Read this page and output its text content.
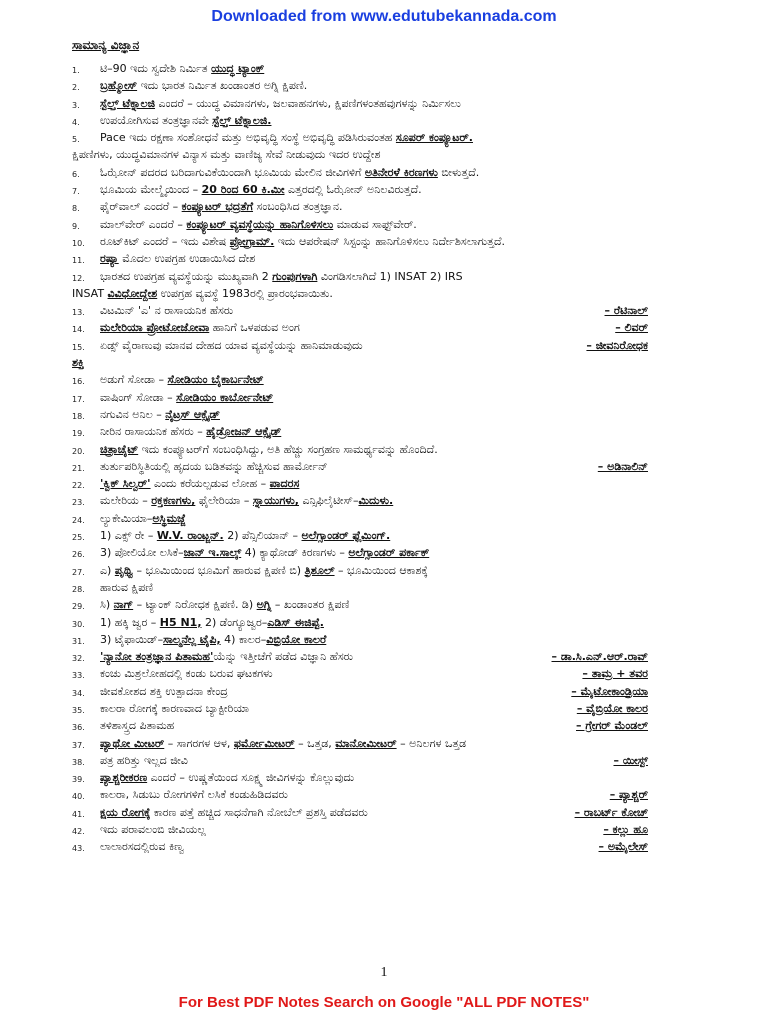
Downloaded from www.edutubekannada.com
ಸಾಮಾನ್ಯ ವಿಜ್ಞಾನ
1.	ಟಿ–90 ಇದು ಸ್ವದೇಶಿ ನಿರ್ಮಿತ ಯುದ್ಧ ಟ್ಯಾಂಕ್
2.	ಬ್ರಹ್ಮೋಸ್ ಇದು ಭಾರತ ನಿರ್ಮಿತ ಖಂಡಾಂತರ ಅಗ್ನಿ ಕ್ಷಿಪಣಿ.
3.	ಸ್ಟೆಲ್ತ್ ಟೆಕ್ನಾಲಜಿ ಎಂದರೆ – ಯುದ್ಧ ವಿಮಾನಗಳು, ಜಲವಾಹನಗಳು, ಕ್ಷಿಪಣಿಗಳಂತಹವುಗಳನ್ನು ನಿರ್ಮಿಸಲು
4.	ಉಪಯೋಗಿಸುವ ತಂತ್ರಜ್ಞಾನವೇ ಸ್ಟೆಲ್ತ್ ಟೆಕ್ನಾಲಜಿ.
5.	Pace ಇದು ರಕ್ಷಣಾ ಸಂಶೋಧನೆ ಮತ್ತು ಅಭಿವೃದ್ಧಿ ಸಂಸ್ಥೆ ಅಭಿವೃದ್ಧಿ ಪಡಿಸಿರುವಂತಹ ಸೂಪರ್ ಕಂಪ್ಯೂಟರ್.
ಕ್ಷಿಪಣಿಗಳು, ಯುದ್ಧವಿಮಾನಗಳ ವಿನ್ಯಾಸ ಮತ್ತು ವಾಣಿಜ್ಯ ಸೇವೆ ನೀಡುವುದು ಇದರ ಉದ್ದೇಶ
6.	ಓಝೋನ್ ಪದರದ ಬರಿದಾಗುವಿಕೆಯಿಂದಾಗಿ ಭೂಮಿಯ ಮೇಲಿನ ಜೀವಿಗಳಿಗೆ ಅತಿನೇರಳೆ ಕಿರಣಗಳು ಬೀಳುತ್ತದೆ.
7.	ಭೂಮಿಯ ಮೇಲ್ಮೈಯಿಂದ – 20 ರಿಂದ 60 ಕಿ.ಮೀ ಎತ್ತರದಲ್ಲಿ ಓಝೋನ್ ಅನಿಲವಿರುತ್ತದೆ.
8.	ಫೈರ್‌ವಾಲ್ ಎಂದರೆ – ಕಂಪ್ಯೂಟರ್ ಭದ್ರತೆಗೆ ಸಂಬಂಧಿಸಿದ ತಂತ್ರಜ್ಞಾನ.
9.	ಮಾಲ್‌ವೇರ್ ಎಂದರೆ – ಕಂಪ್ಯೂಟರ್ ವ್ಯವಸ್ಥೆಯನ್ನು ಹಾನಿಗೊಳಿಸಲು ಮಾಡುವ ಸಾಫ್ಟ್‌ವೇರ್.
10.	ರೂಟ್‌ಕಿಟ್ ಎಂದರೆ – ಇದು ವಿಶೇಷ ಪ್ರೋಗ್ರಾಮ್. ಇದು ಆಪರೇಷನ್ ಸಿಸ್ಟಂನ್ನು ಹಾನಿಗೊಳಿಸಲು ನಿರ್ದೇಶಿಸಲಾಗುತ್ತದೆ.
11.	ರಷ್ಯಾ ಮೊದಲ ಉಪಗ್ರಹ ಉಡಾಯಿಸಿದ ದೇಶ
12.	ಭಾರತದ ಉಪಗ್ರಹ ವ್ಯವಸ್ಥೆಯನ್ನು ಮುಖ್ಯವಾಗಿ 2 ಗುಂಪುಗಳಾಗಿ ವಿಂಗಡಿಸಲಾಗಿದೆ 1) INSAT 2) IRS
INSAT ವಿವಿಧೋದ್ದೇಶ ಉಪಗ್ರಹ ವ್ಯವಸ್ಥೆ 1983ರಲ್ಲಿ ಪ್ರಾರಂಭವಾಯಿತು.
13.	ವಿಟಮಿನ್ 'ಎ' ನ ರಾಸಾಯನಿಕ ಹೆಸರು	– ರೆಟಿನಾಲ್
14.	ಮಲೇರಿಯಾ ಪ್ರೋಟೋಜೋವಾ ಹಾನಿಗೆ ಒಳಪಡುವ ಅಂಗ	– ಲಿವರ್
15.	ಏಡ್ಸ್ ವೈರಾಣುವು ಮಾನವ ದೇಹದ ಯಾವ ವ್ಯವಸ್ಥೆಯನ್ನು ಹಾನಿಮಾಡುವುದು	– ಜೀವನಿರೋಧಕ
ಶಕ್ತಿ
16.	ಅಡುಗೆ ಸೋಡಾ – ಸೋಡಿಯಂ ಬೈಕಾರ್ಬನೇಟ್
17.	ವಾಷಿಂಗ್ ಸೋಡಾ – ಸೋಡಿಯಂ ಕಾರ್ಬೋನೇಟ್
18.	ನಗುವಿನ ಅನಿಲ – ನೈಟ್ರಸ್ ಆಕ್ಸೈಡ್
19.	ನೀರಿನ ರಾಸಾಯನಿಕ ಹೆಸರು – ಹೈಡ್ರೋಜನ್ ಆಕ್ಸೈಡ್
20.	ಚಿತ್ರಾಚೈಟ್ ಇದು ಕಂಪ್ಯೂಟರ್‌ಗೆ ಸಂಬಂಧಿಸಿದ್ದು, ಅತಿ ಹೆಚ್ಚು ಸಂಗ್ರಹಣ ಸಾಮರ್ಥ್ಯವನ್ನು ಹೊಂದಿದೆ.
21.	ತುರ್ತುಪರಿಸ್ಥಿತಿಯಲ್ಲಿ ಹೃದಯ ಬಡಿತವನ್ನು ಹೆಚ್ಚಿಸುವ ಹಾರ್ಮೋನ್	– ಅಡಿನಾಲಿನ್
22.	'ಕ್ವಿಕ್ ಸಿಲ್ವರ್' ಎಂದು ಕರೆಯಲ್ಪಡುವ ಲೋಹ – ಪಾದರಸ
23.	ಮಲೇರಿಯ – ರಕ್ತಕಣಗಳು, ಫೈಲೇರಿಯಾ – ಸ್ನಾಯುಗಳು, ಎನ್ಸಿಫಿಲೈಟೀಸ್–ಮಿದುಳು.
24.	ಲ್ಯುಕೇಮಿಯಾ–ಅಸ್ಥಿಮಜ್ಜೆ
25.	1) ಎಕ್ಸ್ ರೇ – W.V. ರಾಂಟ್ಜನ್. 2) ಪೆನ್ಸಿಲಿಯಾನ್ – ಅಲೆಗ್ಸಾಂಡರ್ ಫ್ಲೆಮಿಂಗ್.
26.	3) ಪೋಲಿಯೋ ಲಸಿಕೆ–ಜಾನ್ ಇ.ಸಾಲ್ಕ್ 4) ಕ್ಯಾಥೋಡ್ ಕಿರಣಗಳು – ಅಲೆಗ್ಸಾಂಡರ್ ಪರ್ಕಾಕ್
27.	ಎ) ಪೃಥ್ವಿ – ಭೂಮಿಯಿಂದ ಭೂಮಿಗೆ ಹಾರುವ ಕ್ಷಿಪಣಿ ಬಿ) ತ್ರಿಶೂಲ್ – ಭೂಮಿಯಿಂದ ಆಕಾಶಕ್ಕೆ
28.	ಹಾರುವ ಕ್ಷಿಪಣಿ
29.	ಸಿ) ನಾಗ್ – ಟ್ಯಾಂಕ್ ನಿರೋಧಕ ಕ್ಷಿಪಣಿ. ಡಿ) ಅಗ್ನಿ – ಖಂಡಾಂತರ ಕ್ಷಿಪಣಿ
30.	1) ಹಕ್ಕಿ ಜ್ವರ – H5 N1, 2) ಡೆಂಗ್ಯೂಜ್ವರ–ಎಡಿಸ್ ಈಜಿಪ್ಟೆ.
31.	3) ಟೈಫಾಯಿಡ್–ಸಾಲ್ಮನೆಲ್ಲ ಟೈಪಿ, 4) ಕಾಲರ–ವಿಬ್ರಿಯೋ ಕಾಲರೆ
32.	'ನ್ಯಾನೋ ತಂತ್ರಜ್ಞಾನ ಪಿತಾಮಹ'ಯೆನ್ನು ಇತ್ತೀಚೆಗೆ ಪಡೆದ ವಿಜ್ಞಾನಿ ಹೆಸರು	– ಡಾ.ಸಿ.ಎನ್.ಆರ್.ರಾವ್
33.	ಕಂಚು ಮಿಶ್ರಲೋಹದಲ್ಲಿ ಕಂಡು ಬರುವ ಘಟಕಗಳು	– ತಾಮ್ರ + ತವರ
34.	ಜೀವಕೋಶದ ಶಕ್ತಿ ಉತ್ಪಾದನಾ ಕೇಂದ್ರ	– ಮೈಟೋಕಾಂಡ್ರಿಯಾ
35.	ಕಾಲರಾ ರೋಗಕ್ಕೆ ಕಾರಣವಾದ ಬ್ಯಾಕ್ಟೀರಿಯಾ	– ವೈಬ್ರಿಯೋ ಕಾಲರ
36.	ತಳಿಶಾಸ್ತ್ರದ ಪಿತಾಮಹ	– ಗ್ರೇಗರ್ ಮೆಂಡಲ್
37.	ಪ್ಯಾಥೋ ಮೀಟರ್ – ಸಾಗರಗಳ ಆಳ, ಫರ್ಮೋಮೀಟರ್ – ಒತ್ತಡ, ಮಾನೋಮೀಟರ್ – ಅನಿಲಗಳ ಒತ್ತಡ
38.	ಪತ್ರ ಹರಿತ್ತು ಇಲ್ಲದ ಜೀವಿ	– ಯೀಸ್ಟ್
39.	ಪ್ಯಾಶ್ಚರೀಕರಣ ಎಂದರೆ – ಉಷ್ಣತೆಯಿಂದ ಸೂಕ್ಷ್ಮ ಜೀವಿಗಳನ್ನು ಕೊಲ್ಲುವುದು
40.	ಕಾಲರಾ, ಸಿಡುಬು ರೋಗಗಳಿಗೆ ಲಸಿಕೆ ಕಂಡುಹಿಡಿದವರು	– ಪ್ಯಾಶ್ಚರ್
41.	ಕ್ಷಯ ರೋಗಕ್ಕೆ ಕಾರಣ ಪತ್ತೆ ಹಚ್ಚಿದ ಸಾಧನೆಗಾಗಿ ನೋಬೆಲ್ ಪ್ರಶಸ್ತಿ ಪಡೆದವರು	– ರಾಬರ್ಟ್ ಕೋಚ್
42.	ಇದು ಪರಾವಲಂಬಿ ಜೀವಿಯಲ್ಲ	– ಕಲ್ಲು ಹೂ
43.	ಲಾಲಾರಸದಲ್ಲಿರುವ ಕಿಣ್ವ	– ಅಮೈಲೇಸ್
1
For Best PDF Notes Search on Google "ALL PDF NOTES"
